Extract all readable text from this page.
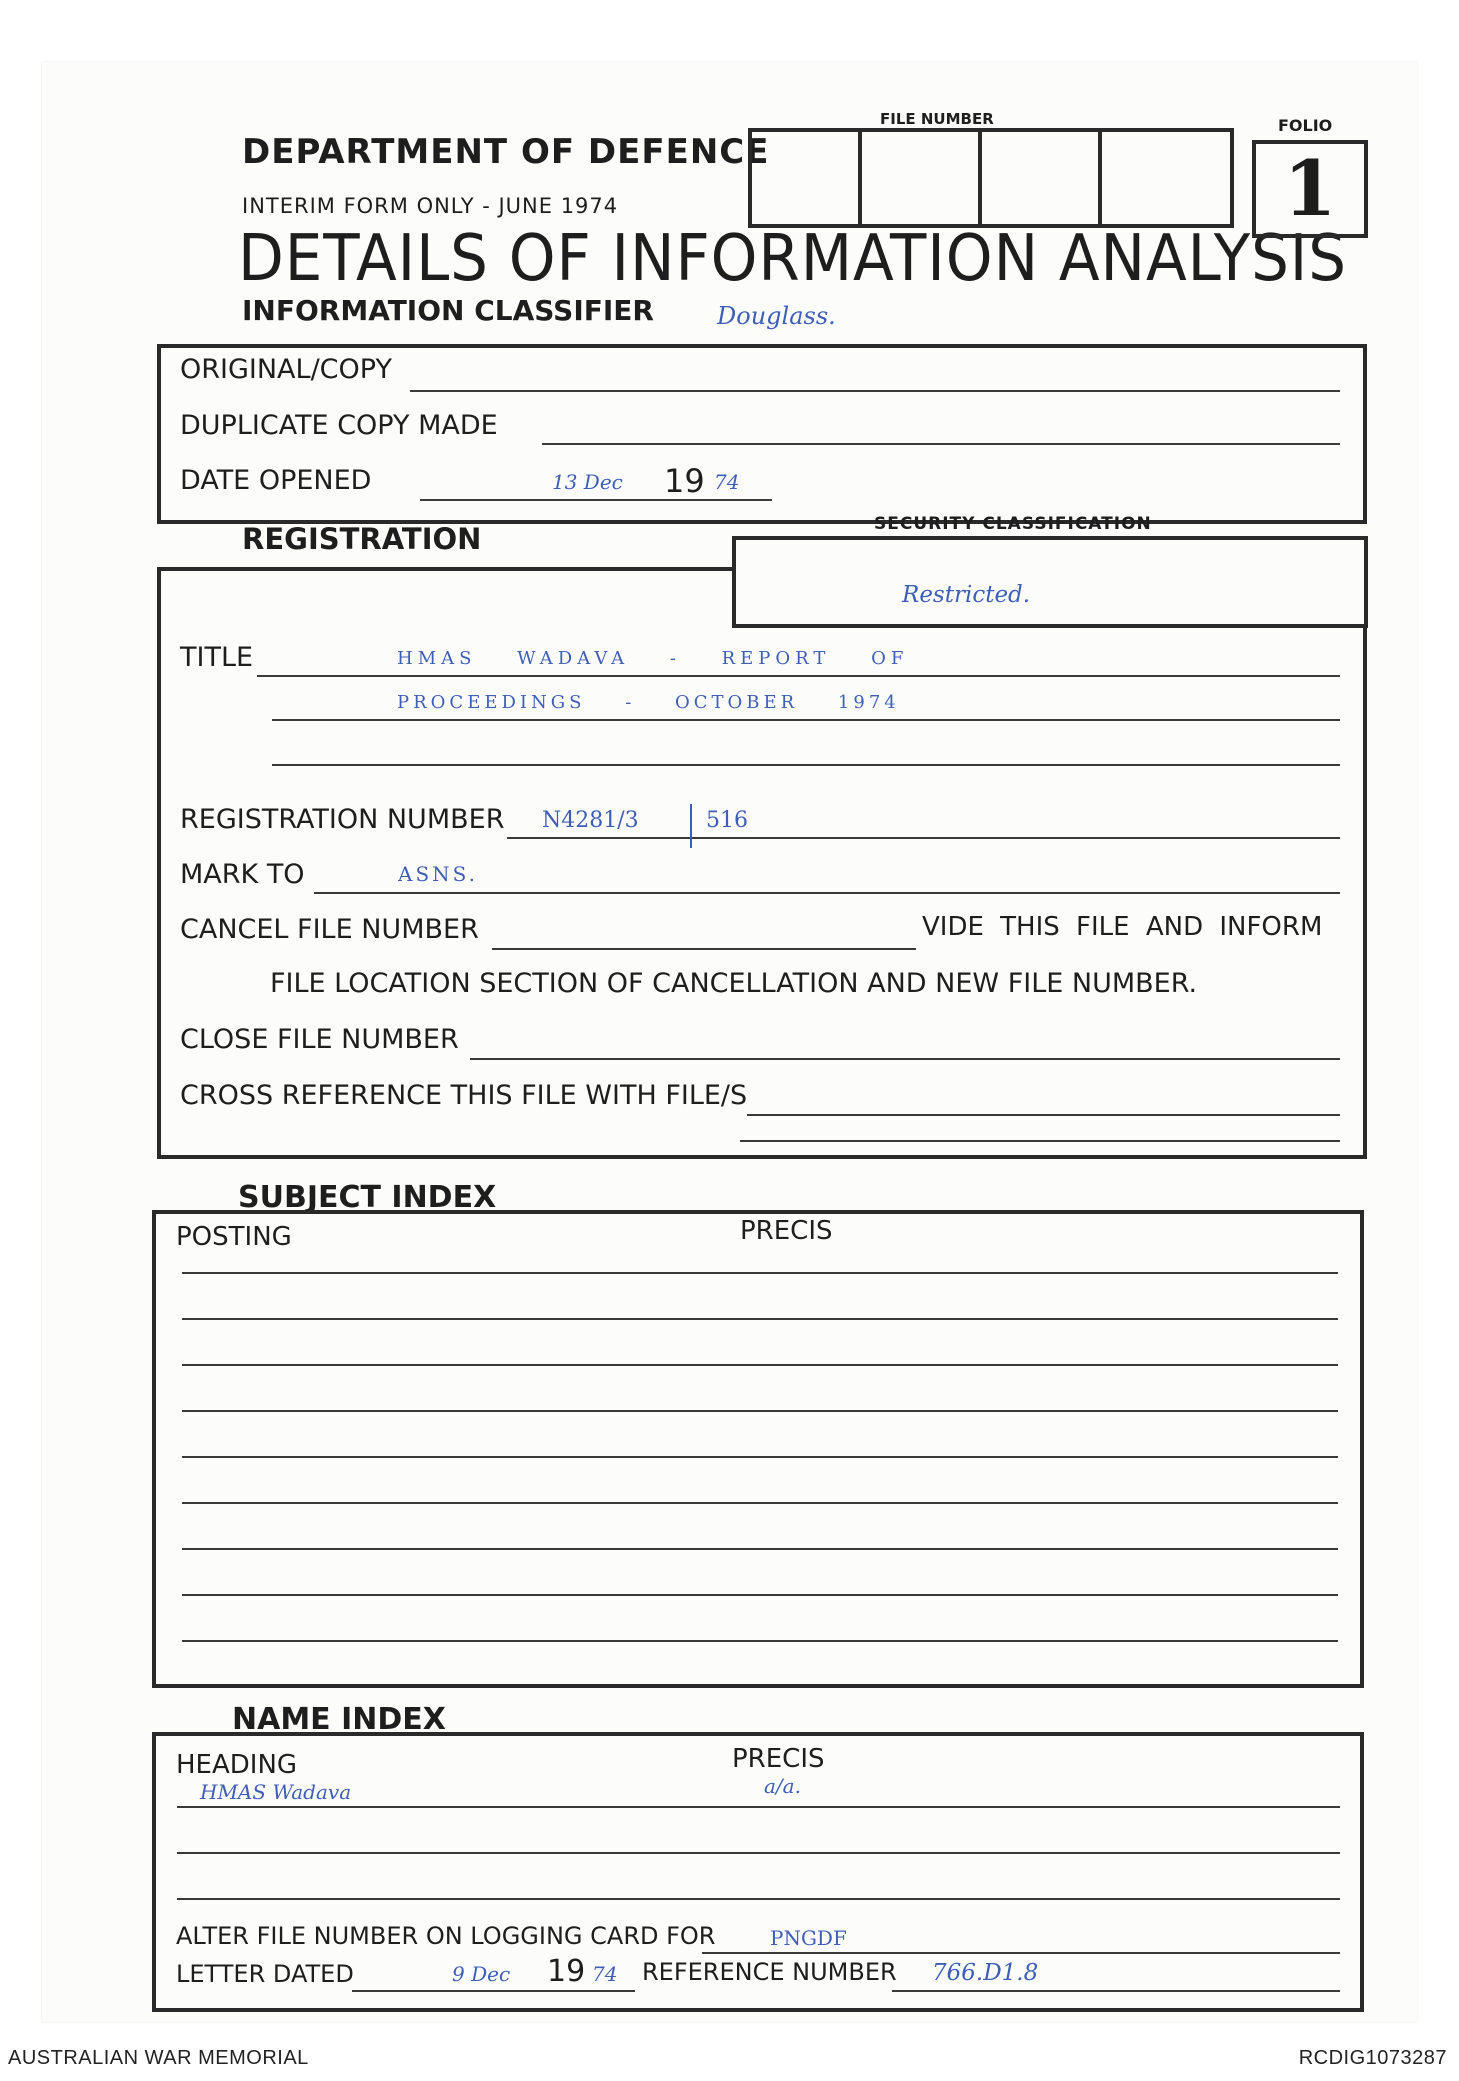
DEPARTMENT OF DEFENCE
INTERIM FORM ONLY - JUNE 1974
DETAILS OF INFORMATION ANALYSIS
INFORMATION CLASSIFIER	Douglass.
FILE NUMBER	FOLIO
1
ORIGINAL/COPY
DUPLICATE COPY MADE
DATE OPENED	13 Dec 19 74
REGISTRATION	SECURITY CLASSIFICATION
Restricted.
TITLE	HMAS WADAVA - REPORT OF
PROCEEDINGS - OCTOBER 1974
REGISTRATION NUMBER N4281/3	516
MARK TO	ASNS.
CANCEL FILE NUMBER	VIDE THIS FILE AND INFORM
FILE LOCATION SECTION OF CANCELLATION AND NEW FILE NUMBER.
CLOSE FILE NUMBER
CROSS REFERENCE THIS FILE WITH FILE/S
SUBJECT INDEX
POSTING	PRECIS
NAME INDEX
HEADING	PRECIS
HMAS Wadava	a/a.
ALTER FILE NUMBER ON LOGGING CARD FOR	PNGDF
LETTER DATED	9 Dec 19 74 REFERENCE NUMBER 766.D1.8
AUSTRALIAN WAR MEMORIAL	RCDIG1073287
